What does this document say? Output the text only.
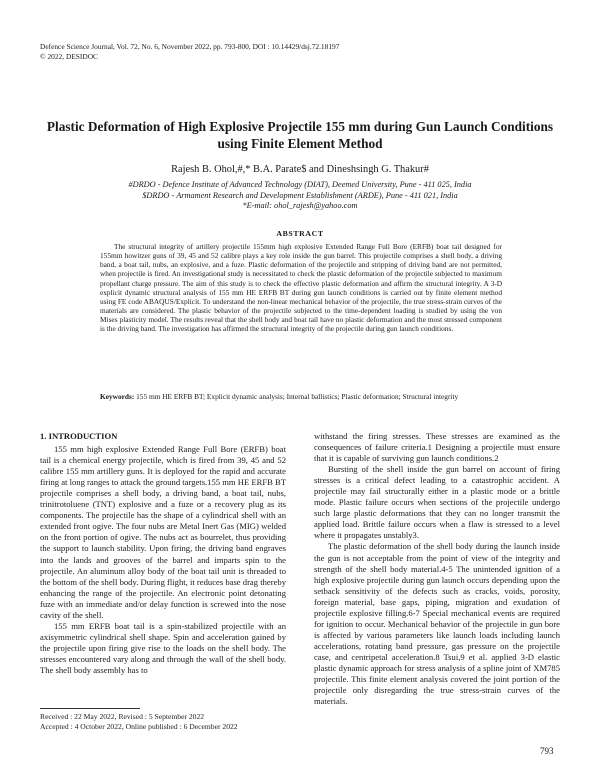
Defence Science Journal, Vol. 72, No. 6, November 2022, pp. 793-800, DOI : 10.14429/dsj.72.18197
© 2022, DESIDOC
Plastic Deformation of High Explosive Projectile 155 mm during Gun Launch Conditions using Finite Element Method
Rajesh B. Ohol,#,* B.A. Parate$ and Dineshsingh G. Thakur#
#DRDO - Defence Institute of Advanced Technology (DIAT), Deemed University, Pune - 411 025, India
$DRDO - Armament Research and Development Establishment (ARDE), Pune - 411 021, India
*E-mail: ohol_rajesh@yahoo.com
ABSTRACT
The structural integrity of artillery projectile 155mm high explosive Extended Range Full Bore (ERFB) boat tail designed for 155mm howitzer guns of 39, 45 and 52 calibre plays a key role inside the gun barrel. This projectile comprises a shell body, a driving band, a boat tail, nubs, an explosive, and a fuze. Plastic deformation of the projectile and stripping of driving band are not permitted, when projectile is fired. An investigational study is necessitated to check the plastic deformation of the projectile subjected to maximum propellant charge pressure. The aim of this study is to check the effective plastic deformation and affirm the structural integrity. A 3-D explicit dynamic structural analysis of 155 mm HE ERFB BT during gun launch conditions is carried out by finite element method using FE code ABAQUS/Explicit. To understand the non-linear mechanical behavior of the projectile, the true stress-strain curves of the materials are considered. The plastic behavior of the projectile subjected to the time-dependent loading is studied by using the von Mises plasticity model. The results reveal that the shell body and boat tail have no plastic deformation and the most stressed component is the driving band. The investigation has affirmed the structural integrity of the projectile during gun launch conditions.
Keywords: 155 mm HE ERFB BT; Explicit dynamic analysis; Internal ballistics; Plastic deformation; Structural integrity
1. INTRODUCTION
155 mm high explosive Extended Range Full Bore (ERFB) boat tail is a chemical energy projectile, which is fired from 39, 45 and 52 calibre 155 mm artillery guns. It is deployed for the rapid and accurate firing at long ranges to attack the ground targets.155 mm HE ERFB BT projectile comprises a shell body, a driving band, a boat tail, nubs, trinitrotoluene (TNT) explosive and a fuze or a recovery plug as its components. The projectile has the shape of a cylindrical shell with an extended front ogive. The four nubs are Metal Inert Gas (MIG) welded on the front portion of ogive. The nubs act as bourrelet, thus providing the support to launch stability. Upon firing, the driving band engraves into the lands and grooves of the barrel and imparts spin to the projectile. An aluminum alloy body of the boat tail unit is threaded to the bottom of the shell body. During flight, it reduces base drag thereby enhancing the range of the projectile. An electronic point detonating fuze with an immediate and/or delay function is screwed into the nose cavity of the shell.
155 mm ERFB boat tail is a spin-stabilized projectile with an axisymmetric cylindrical shell shape. Spin and acceleration gained by the projectile upon firing give rise to the loads on the shell body. The stresses encountered vary along and through the wall of the shell body. The shell body assembly has to
withstand the firing stresses. These stresses are examined as the consequences of failure criteria.1 Designing a projectile must ensure that it is capable of surviving gun launch conditions.2
Bursting of the shell inside the gun barrel on account of firing stresses is a critical defect leading to a catastrophic accident. A projectile may fail structurally either in a plastic mode or a brittle mode. Plastic failure occurs when sections of the projectile undergo such large plastic deformations that they can no longer transmit the applied load. Brittle failure occurs when a flaw is stressed to a level where it propagates unstably3.
The plastic deformation of the shell body during the launch inside the gun is not acceptable from the point of view of the integrity and strength of the shell body material.4-5 The unintended ignition of a high explosive projectile during gun launch occurs depending upon the setback sensitivity of the defects such as cracks, voids, porosity, foreign material, base gaps, piping, migration and exudation of projectile explosive filling.6-7 Special mechanical events are required for ignition to occur. Mechanical behavior of the projectile in gun bore is affected by various parameters like launch loads including launch accelerations, rotating band pressure, gas pressure on the projectile case, and centripetal acceleration.8 Tsui,9 et al. applied 3-D elastic plastic dynamic approach for stress analysis of a spline joint of XM785 projectile. This finite element analysis covered the joint portion of the projectile only disregarding the true stress-strain curves of the materials.
Received : 22 May 2022, Revised : 5 September 2022
Accepted : 4 October 2022, Online published : 6 December 2022
793
